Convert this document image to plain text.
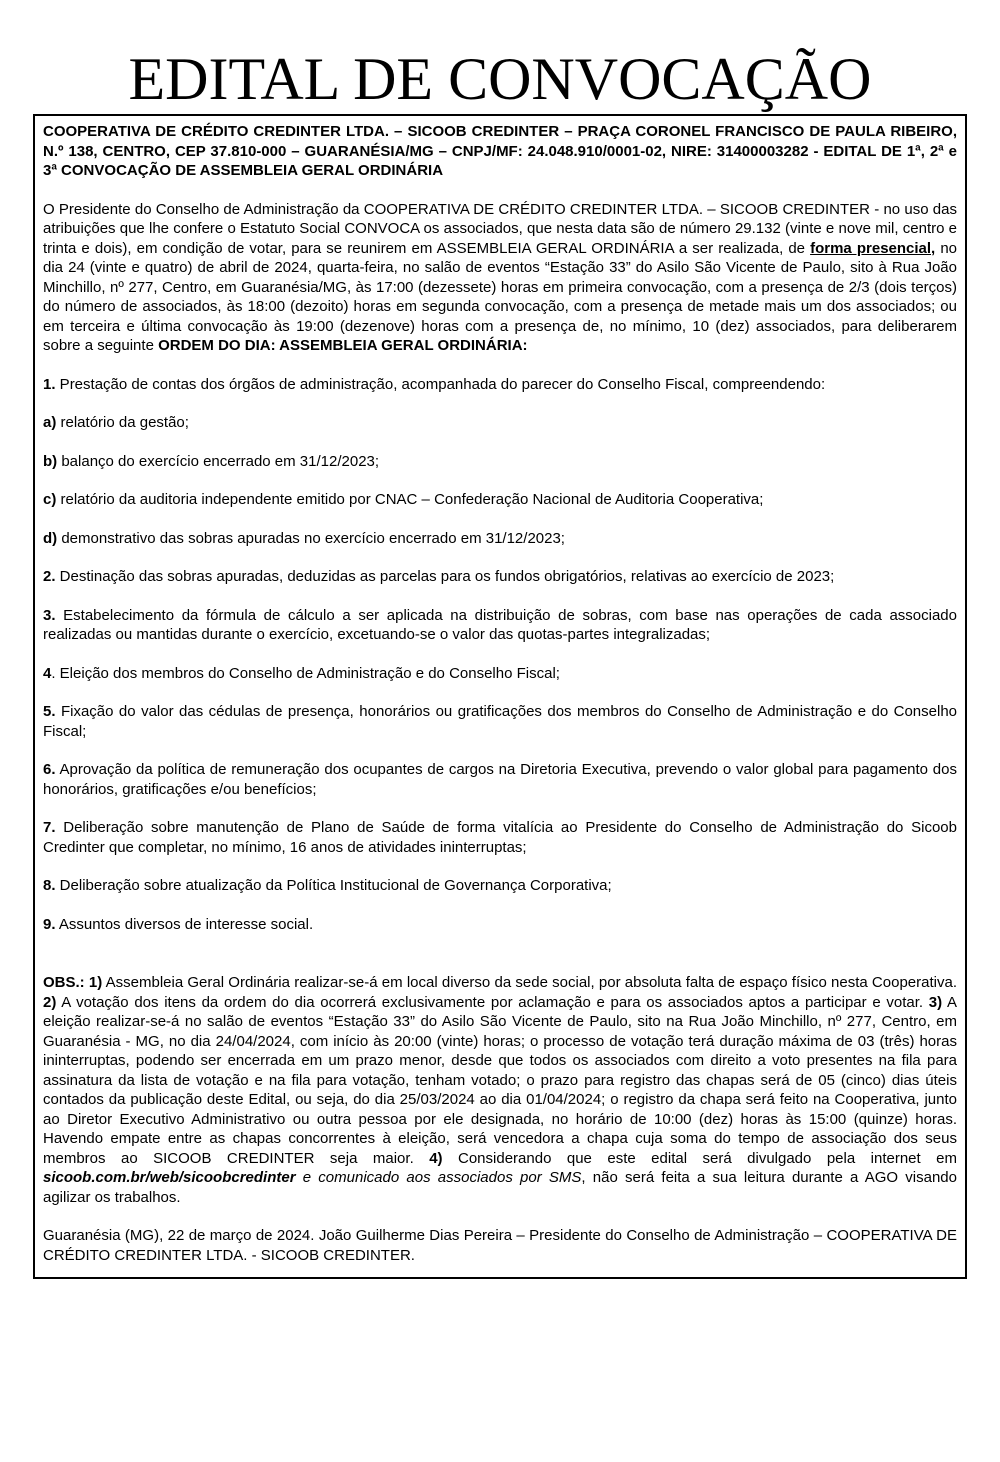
EDITAL DE CONVOCAÇÃO

COOPERATIVA DE CRÉDITO CREDINTER LTDA. – SICOOB CREDINTER – PRAÇA CORONEL FRANCISCO DE PAULA RIBEIRO, N.º 138, CENTRO, CEP 37.810-000 – GUARANÉSIA/MG – CNPJ/MF: 24.048.910/0001-02, NIRE: 31400003282 - EDITAL DE 1ª, 2ª e 3ª CONVOCAÇÃO DE ASSEMBLEIA GERAL ORDINÁRIA

O Presidente do Conselho de Administração da COOPERATIVA DE CRÉDITO CREDINTER LTDA. – SICOOB CREDINTER - no uso das atribuições que lhe confere o Estatuto Social CONVOCA os associados, que nesta data são de número 29.132 (vinte e nove mil, centro e trinta e dois), em condição de votar, para se reunirem em ASSEMBLEIA GERAL ORDINÁRIA a ser realizada, de forma presencial, no dia 24 (vinte e quatro) de abril de 2024, quarta-feira, no salão de eventos “Estação 33” do Asilo São Vicente de Paulo, sito à Rua João Minchillo, nº 277, Centro, em Guaranésia/MG, às 17:00 (dezessete) horas em primeira convocação, com a presença de 2/3 (dois terços) do número de associados, às 18:00 (dezoito) horas em segunda convocação, com a presença de metade mais um dos associados; ou em terceira e última convocação às 19:00 (dezenove) horas com a presença de, no mínimo, 10 (dez) associados, para deliberarem sobre a seguinte ORDEM DO DIA: ASSEMBLEIA GERAL ORDINÁRIA:

1. Prestação de contas dos órgãos de administração, acompanhada do parecer do Conselho Fiscal, compreendendo:

a) relatório da gestão;

b) balanço do exercício encerrado em 31/12/2023;

c) relatório da auditoria independente emitido por CNAC – Confederação Nacional de Auditoria Cooperativa;

d) demonstrativo das sobras apuradas no exercício encerrado em 31/12/2023;

2. Destinação das sobras apuradas, deduzidas as parcelas para os fundos obrigatórios, relativas ao exercício de 2023;

3. Estabelecimento da fórmula de cálculo a ser aplicada na distribuição de sobras, com base nas operações de cada associado realizadas ou mantidas durante o exercício, excetuando-se o valor das quotas-partes integralizadas;

4. Eleição dos membros do Conselho de Administração e do Conselho Fiscal;

5. Fixação do valor das cédulas de presença, honorários ou gratificações dos membros do Conselho de Administração e do Conselho Fiscal;

6. Aprovação da política de remuneração dos ocupantes de cargos na Diretoria Executiva, prevendo o valor global para pagamento dos honorários, gratificações e/ou benefícios;

7. Deliberação sobre manutenção de Plano de Saúde de forma vitalícia ao Presidente do Conselho de Administração do Sicoob Credinter que completar, no mínimo, 16 anos de atividades ininterruptas;

8. Deliberação sobre atualização da Política Institucional de Governança Corporativa;

9. Assuntos diversos de interesse social.

OBS.: 1) Assembleia Geral Ordinária realizar-se-á em local diverso da sede social, por absoluta falta de espaço físico nesta Cooperativa. 2) A votação dos itens da ordem do dia ocorrerá exclusivamente por aclamação e para os associados aptos a participar e votar. 3) A eleição realizar-se-á no salão de eventos “Estação 33” do Asilo São Vicente de Paulo, sito na Rua João Minchillo, nº 277, Centro, em Guaranésia - MG, no dia 24/04/2024, com início às 20:00 (vinte) horas; o processo de votação terá duração máxima de 03 (três) horas ininterruptas, podendo ser encerrada em um prazo menor, desde que todos os associados com direito a voto presentes na fila para assinatura da lista de votação e na fila para votação, tenham votado; o prazo para registro das chapas será de 05 (cinco) dias úteis contados da publicação deste Edital, ou seja, do dia 25/03/2024 ao dia 01/04/2024; o registro da chapa será feito na Cooperativa, junto ao Diretor Executivo Administrativo ou outra pessoa por ele designada, no horário de 10:00 (dez) horas às 15:00 (quinze) horas. Havendo empate entre as chapas concorrentes à eleição, será vencedora a chapa cuja soma do tempo de associação dos seus membros ao SICOOB CREDINTER seja maior. 4) Considerando que este edital será divulgado pela internet em sicoob.com.br/web/sicoobcredinter e comunicado aos associados por SMS, não será feita a sua leitura durante a AGO visando agilizar os trabalhos.

Guaranésia (MG), 22 de março de 2024. João Guilherme Dias Pereira – Presidente do Conselho de Administração – COOPERATIVA DE CRÉDITO CREDINTER LTDA. - SICOOB CREDINTER.
